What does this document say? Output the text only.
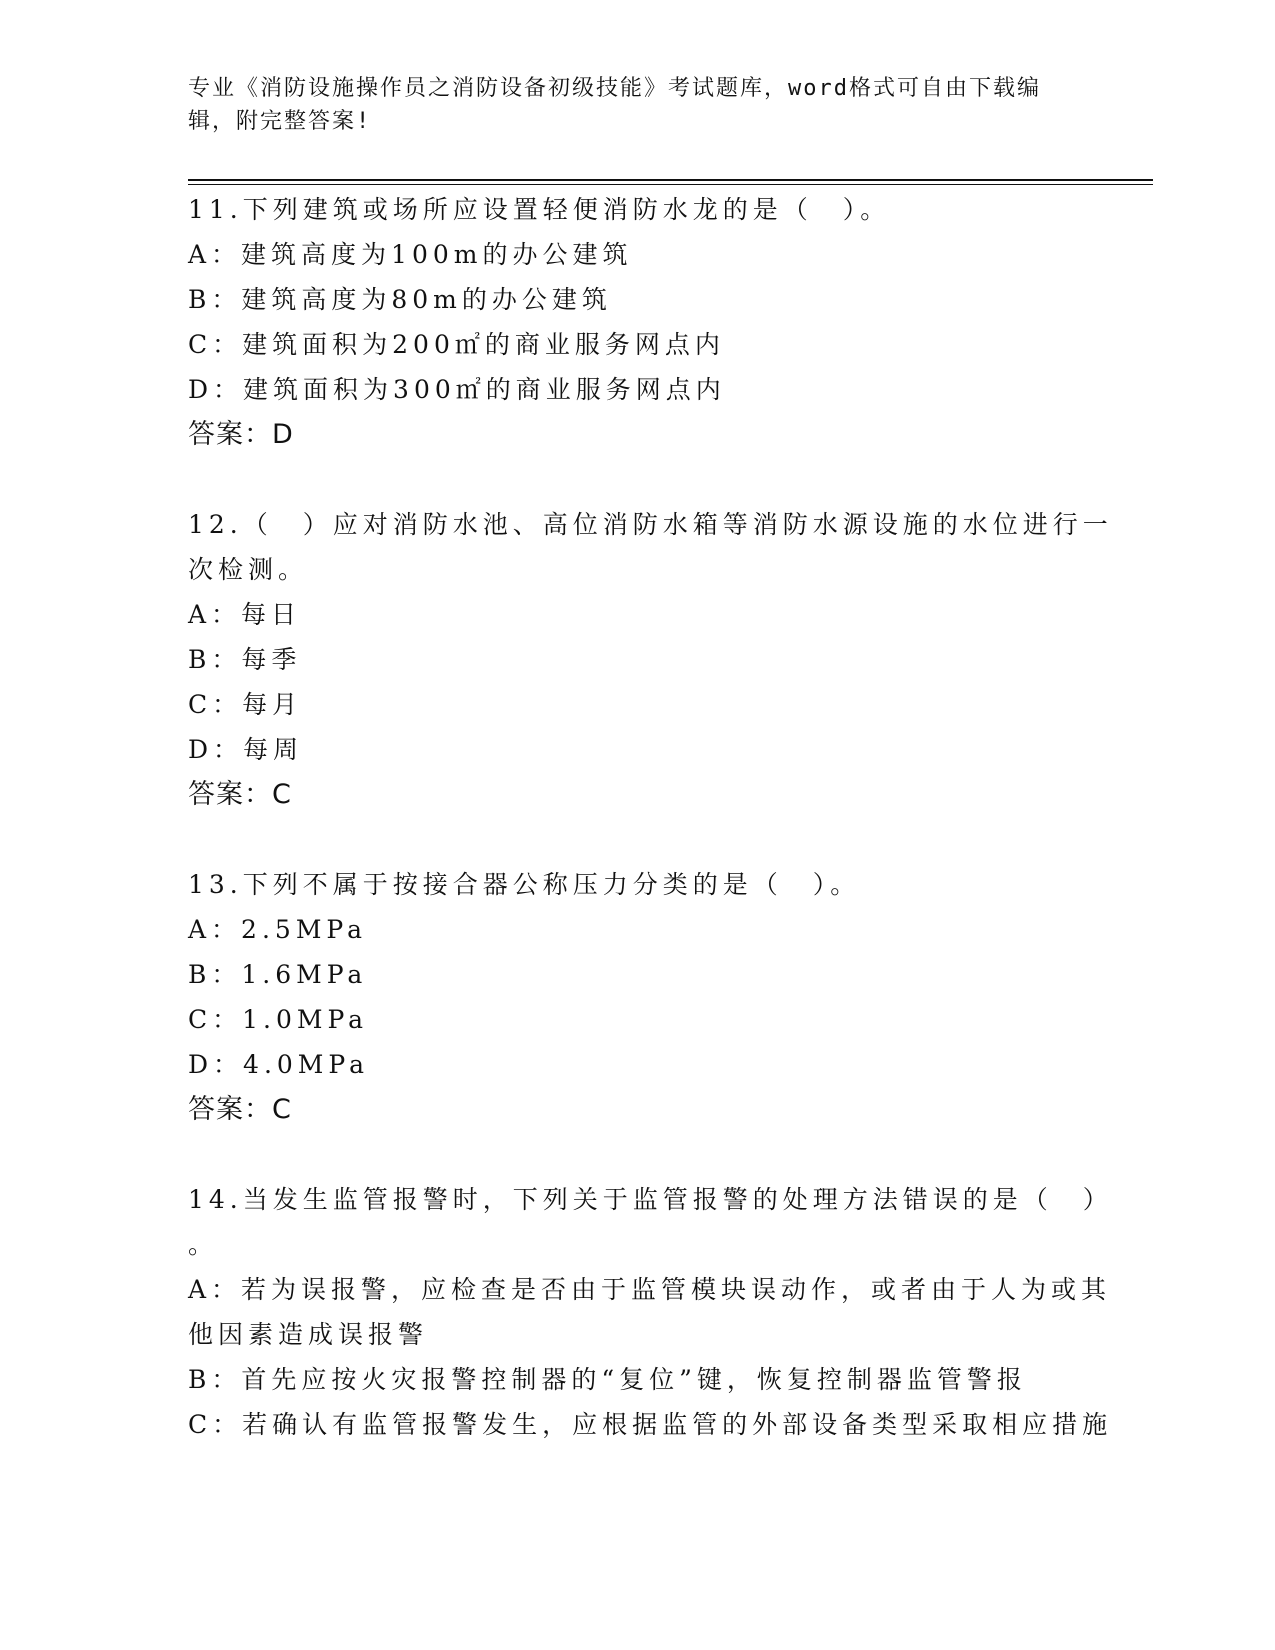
专业《消防设施操作员之消防设备初级技能》考试题库，word格式可自由下载编
辑，附完整答案!
11.下列建筑或场所应设置轻便消防水龙的是（　）。
A：建筑高度为100m的办公建筑
B：建筑高度为80m的办公建筑
C：建筑面积为200㎡的商业服务网点内
D：建筑面积为300㎡的商业服务网点内
答案：D
12.（　）应对消防水池、高位消防水箱等消防水源设施的水位进行一
次检测。
A：每日
B：每季
C：每月
D：每周
答案：C
13.下列不属于按接合器公称压力分类的是（　）。
A：2.5MPa
B：1.6MPa
C：1.0MPa
D：4.0MPa
答案：C
14.当发生监管报警时，下列关于监管报警的处理方法错误的是（　）
。
A：若为误报警，应检查是否由于监管模块误动作，或者由于人为或其
他因素造成误报警
B：首先应按火灾报警控制器的“复位”键，恢复控制器监管警报
C：若确认有监管报警发生，应根据监管的外部设备类型采取相应措施
